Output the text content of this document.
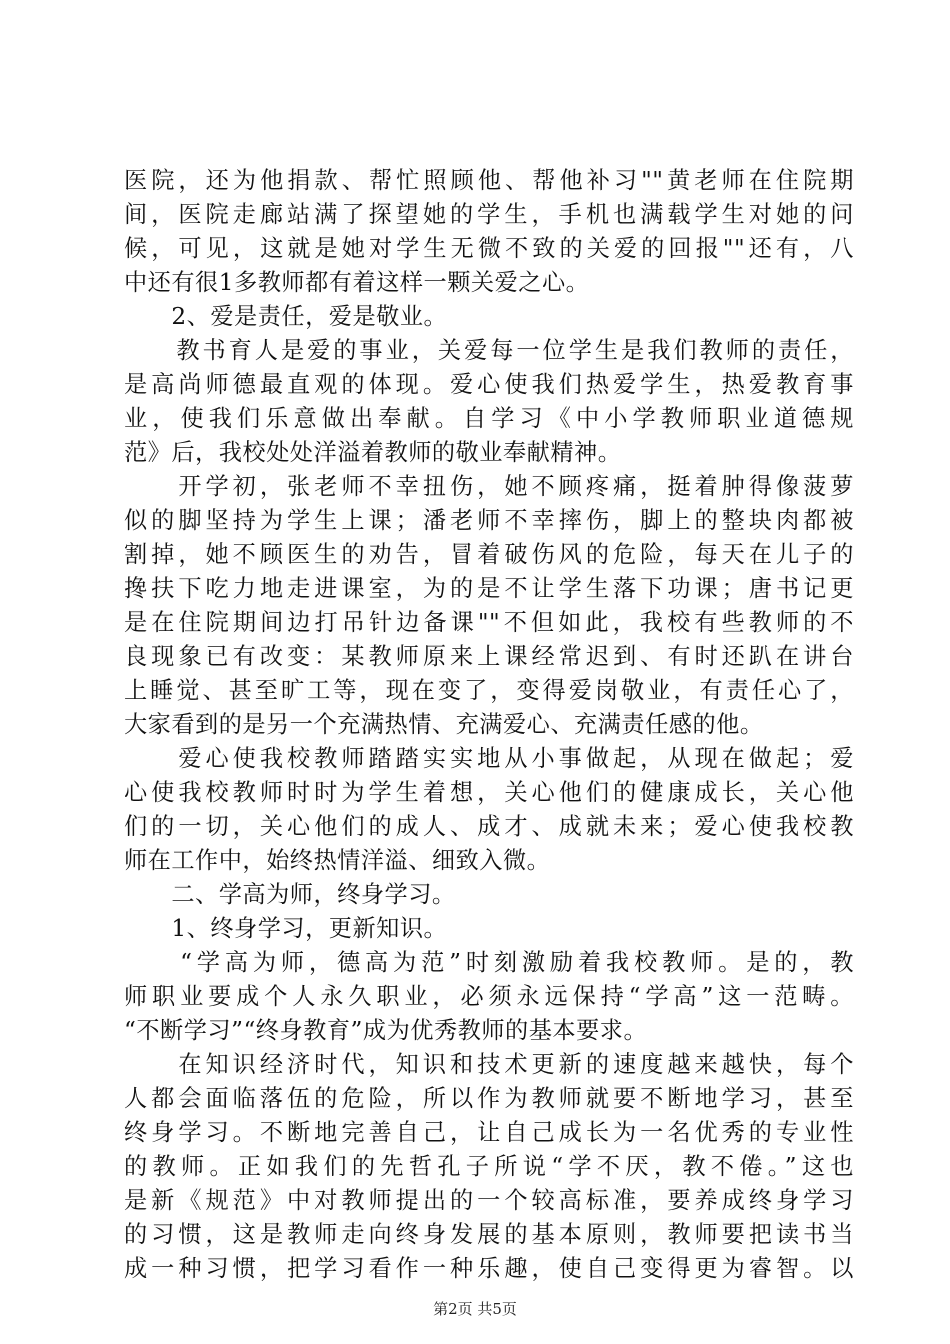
医院，还为他捐款、帮忙照顾他、帮他补习""黄老师在住院期
间，医院走廊站满了探望她的学生，手机也满载学生对她的问
候，可见，这就是她对学生无微不致的关爱的回报""还有，八
中还有很1多教师都有着这样一颗关爱之心。
　　2、爱是责任，爱是敬业。
　　教书育人是爱的事业，关爱每一位学生是我们教师的责任，
是高尚师德最直观的体现。爱心使我们热爱学生，热爱教育事
业，使我们乐意做出奉献。自学习《中小学教师职业道德规
范》后，我校处处洋溢着教师的敬业奉献精神。
　　开学初，张老师不幸扭伤，她不顾疼痛，挺着肿得像菠萝
似的脚坚持为学生上课；潘老师不幸摔伤，脚上的整块肉都被
割掉，她不顾医生的劝告，冒着破伤风的危险，每天在儿子的
搀扶下吃力地走进课室，为的是不让学生落下功课；唐书记更
是在住院期间边打吊针边备课""不但如此，我校有些教师的不
良现象已有改变：某教师原来上课经常迟到、有时还趴在讲台
上睡觉、甚至旷工等，现在变了，变得爱岗敬业，有责任心了，
大家看到的是另一个充满热情、充满爱心、充满责任感的他。
　　爱心使我校教师踏踏实实地从小事做起，从现在做起；爱
心使我校教师时时为学生着想，关心他们的健康成长，关心他
们的一切，关心他们的成人、成才、成就未来；爱心使我校教
师在工作中，始终热情洋溢、细致入微。
　　二、学高为师，终身学习。
　　1、终身学习，更新知识。
　　“学高为师，德高为范”时刻激励着我校教师。是的，教
师职业要成个人永久职业，必须永远保持“学高”这一范畴。
“不断学习”“终身教育”成为优秀教师的基本要求。
　　在知识经济时代，知识和技术更新的速度越来越快，每个
人都会面临落伍的危险，所以作为教师就要不断地学习，甚至
终身学习。不断地完善自己，让自己成长为一名优秀的专业性
的教师。正如我们的先哲孔子所说“学不厌，教不倦。”这也
是新《规范》中对教师提出的一个较高标准，要养成终身学习
的习惯，这是教师走向终身发展的基本原则，教师要把读书当
成一种习惯，把学习看作一种乐趣，使自己变得更为睿智。以
第2页 共5页
